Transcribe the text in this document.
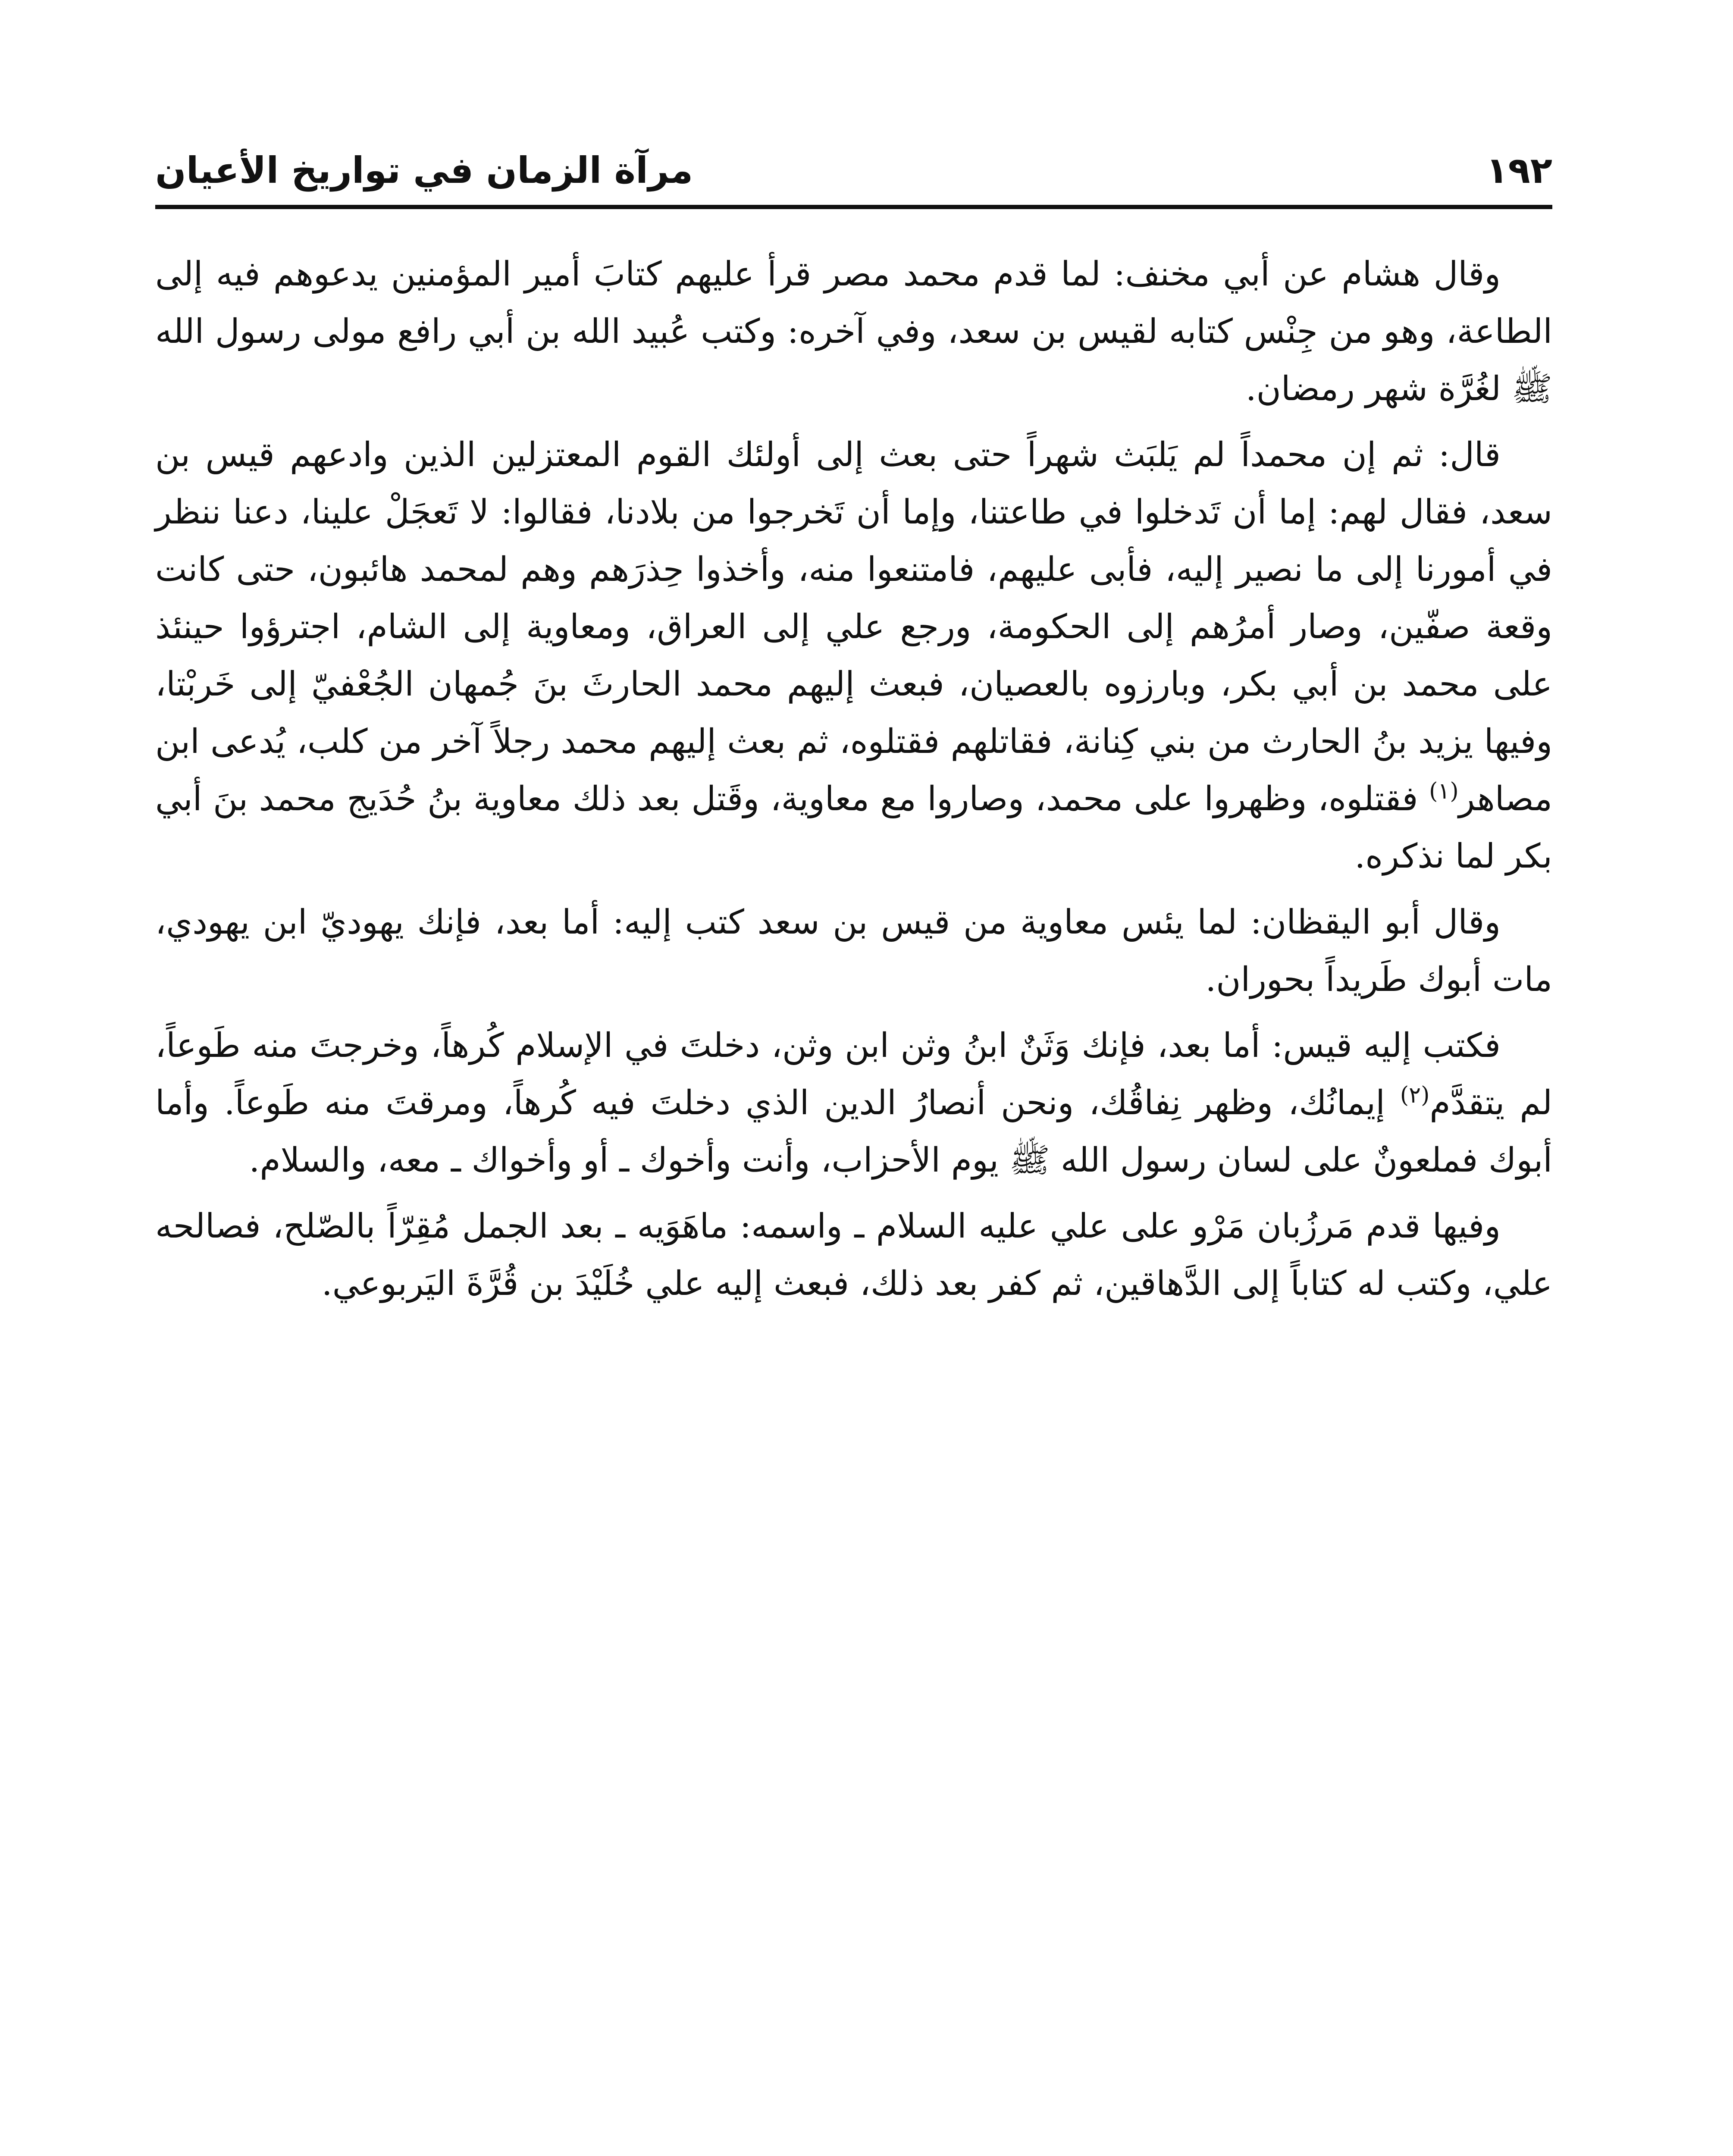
١٩٢
مرآة الزمان في تواريخ الأعيان

وقال هشام عن أبي مخنف: لما قدم محمد مصر قرأ عليهم كتابَ أمير المؤمنين يدعوهم فيه إلى الطاعة، وهو من جِنْس كتابه لقيس بن سعد، وفي آخره: وكتب عُبيد الله بن أبي رافع مولى رسول الله ﷺ لغُرَّة شهر رمضان.

قال: ثم إن محمداً لم يَلبَث شهراً حتى بعث إلى أولئك القوم المعتزلين الذين وادعهم قيس بن سعد، فقال لهم: إما أن تَدخلوا في طاعتنا، وإما أن تَخرجوا من بلادنا، فقالوا: لا تَعجَلْ علينا، دعنا ننظر في أمورنا إلى ما نصير إليه، فأبى عليهم، فامتنعوا منه، وأخذوا حِذرَهم وهم لمحمد هائبون، حتى كانت وقعة صفّين، وصار أمرُهم إلى الحكومة، ورجع علي إلى العراق، ومعاوية إلى الشام، اجترؤوا حينئذ على محمد بن أبي بكر، وبارزوه بالعصيان، فبعث إليهم محمد الحارثَ بنَ جُمهان الجُعْفيّ إلى خَربْتا، وفيها يزيد بنُ الحارث من بني كِنانة، فقاتلهم فقتلوه، ثم بعث إليهم محمد رجلاً آخر من كلب، يُدعى ابن مصاهر$^{(١)}$ فقتلوه، وظهروا على محمد، وصاروا مع معاوية، وقَتل بعد ذلك معاوية بنُ حُدَيج محمد بنَ أبي بكر لما نذكره.

وقال أبو اليقظان: لما يئس معاوية من قيس بن سعد كتب إليه: أما بعد، فإنك يهوديّ ابن يهودي، مات أبوك طَريداً بحوران.

فكتب إليه قيس: أما بعد، فإنك وَثَنٌ ابنُ وثن ابن وثن، دخلتَ في الإسلام كُرهاً، وخرجتَ منه طَوعاً، لم يتقدَّم$^{(٢)}$ إيمانُك، وظهر نِفاقُك، ونحن أنصارُ الدين الذي دخلتَ فيه كُرهاً، ومرقتَ منه طَوعاً. وأما أبوك فملعونٌ على لسان رسول الله ﷺ يوم الأحزاب، وأنت وأخوك ـ أو وأخواك ـ معه، والسلام.

وفيها قدم مَرزُبان مَرْو على علي عليه السلام ـ واسمه: ماهَوَيه ـ بعد الجمل مُقِرّاً بالصّلح، فصالحه علي، وكتب له كتاباً إلى الدَّهاقين، ثم كفر بعد ذلك، فبعث إليه علي خُلَيْدَ بن قُرَّةَ اليَربوعي.
